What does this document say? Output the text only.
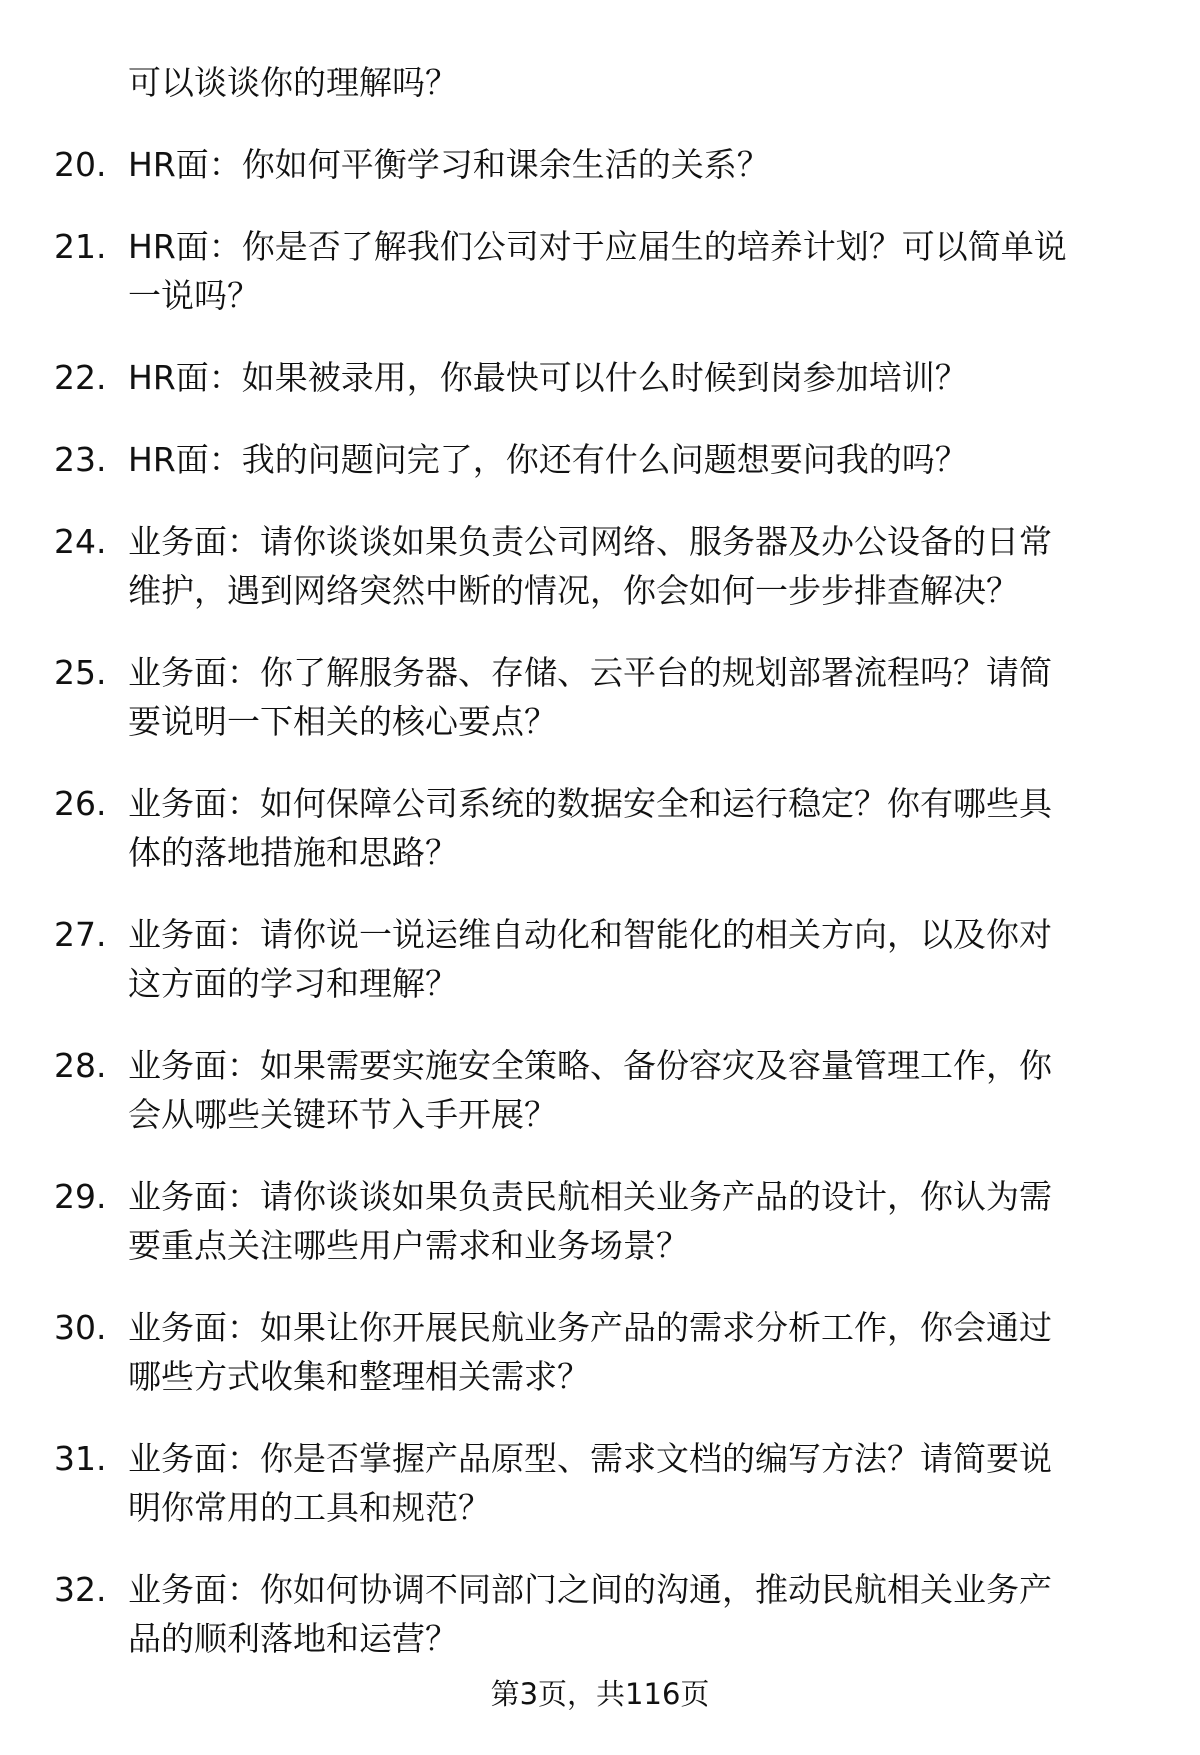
可以谈谈你的理解吗？
20. HR面：你如何平衡学习和课余生活的关系？
21. HR面：你是否了解我们公司对于应届生的培养计划？可以简单说
一说吗？
22. HR面：如果被录用，你最快可以什么时候到岗参加培训？
23. HR面：我的问题问完了，你还有什么问题想要问我的吗？
24. 业务面：请你谈谈如果负责公司网络、服务器及办公设备的日常
维护，遇到网络突然中断的情况，你会如何一步步排查解决？
25. 业务面：你了解服务器、存储、云平台的规划部署流程吗？请简
要说明一下相关的核心要点？
26. 业务面：如何保障公司系统的数据安全和运行稳定？你有哪些具
体的落地措施和思路？
27. 业务面：请你说一说运维自动化和智能化的相关方向，以及你对
这方面的学习和理解？
28. 业务面：如果需要实施安全策略、备份容灾及容量管理工作，你
会从哪些关键环节入手开展？
29. 业务面：请你谈谈如果负责民航相关业务产品的设计，你认为需
要重点关注哪些用户需求和业务场景？
30. 业务面：如果让你开展民航业务产品的需求分析工作，你会通过
哪些方式收集和整理相关需求？
31. 业务面：你是否掌握产品原型、需求文档的编写方法？请简要说
明你常用的工具和规范？
32. 业务面：你如何协调不同部门之间的沟通，推动民航相关业务产
品的顺利落地和运营？
第3页，共116页
